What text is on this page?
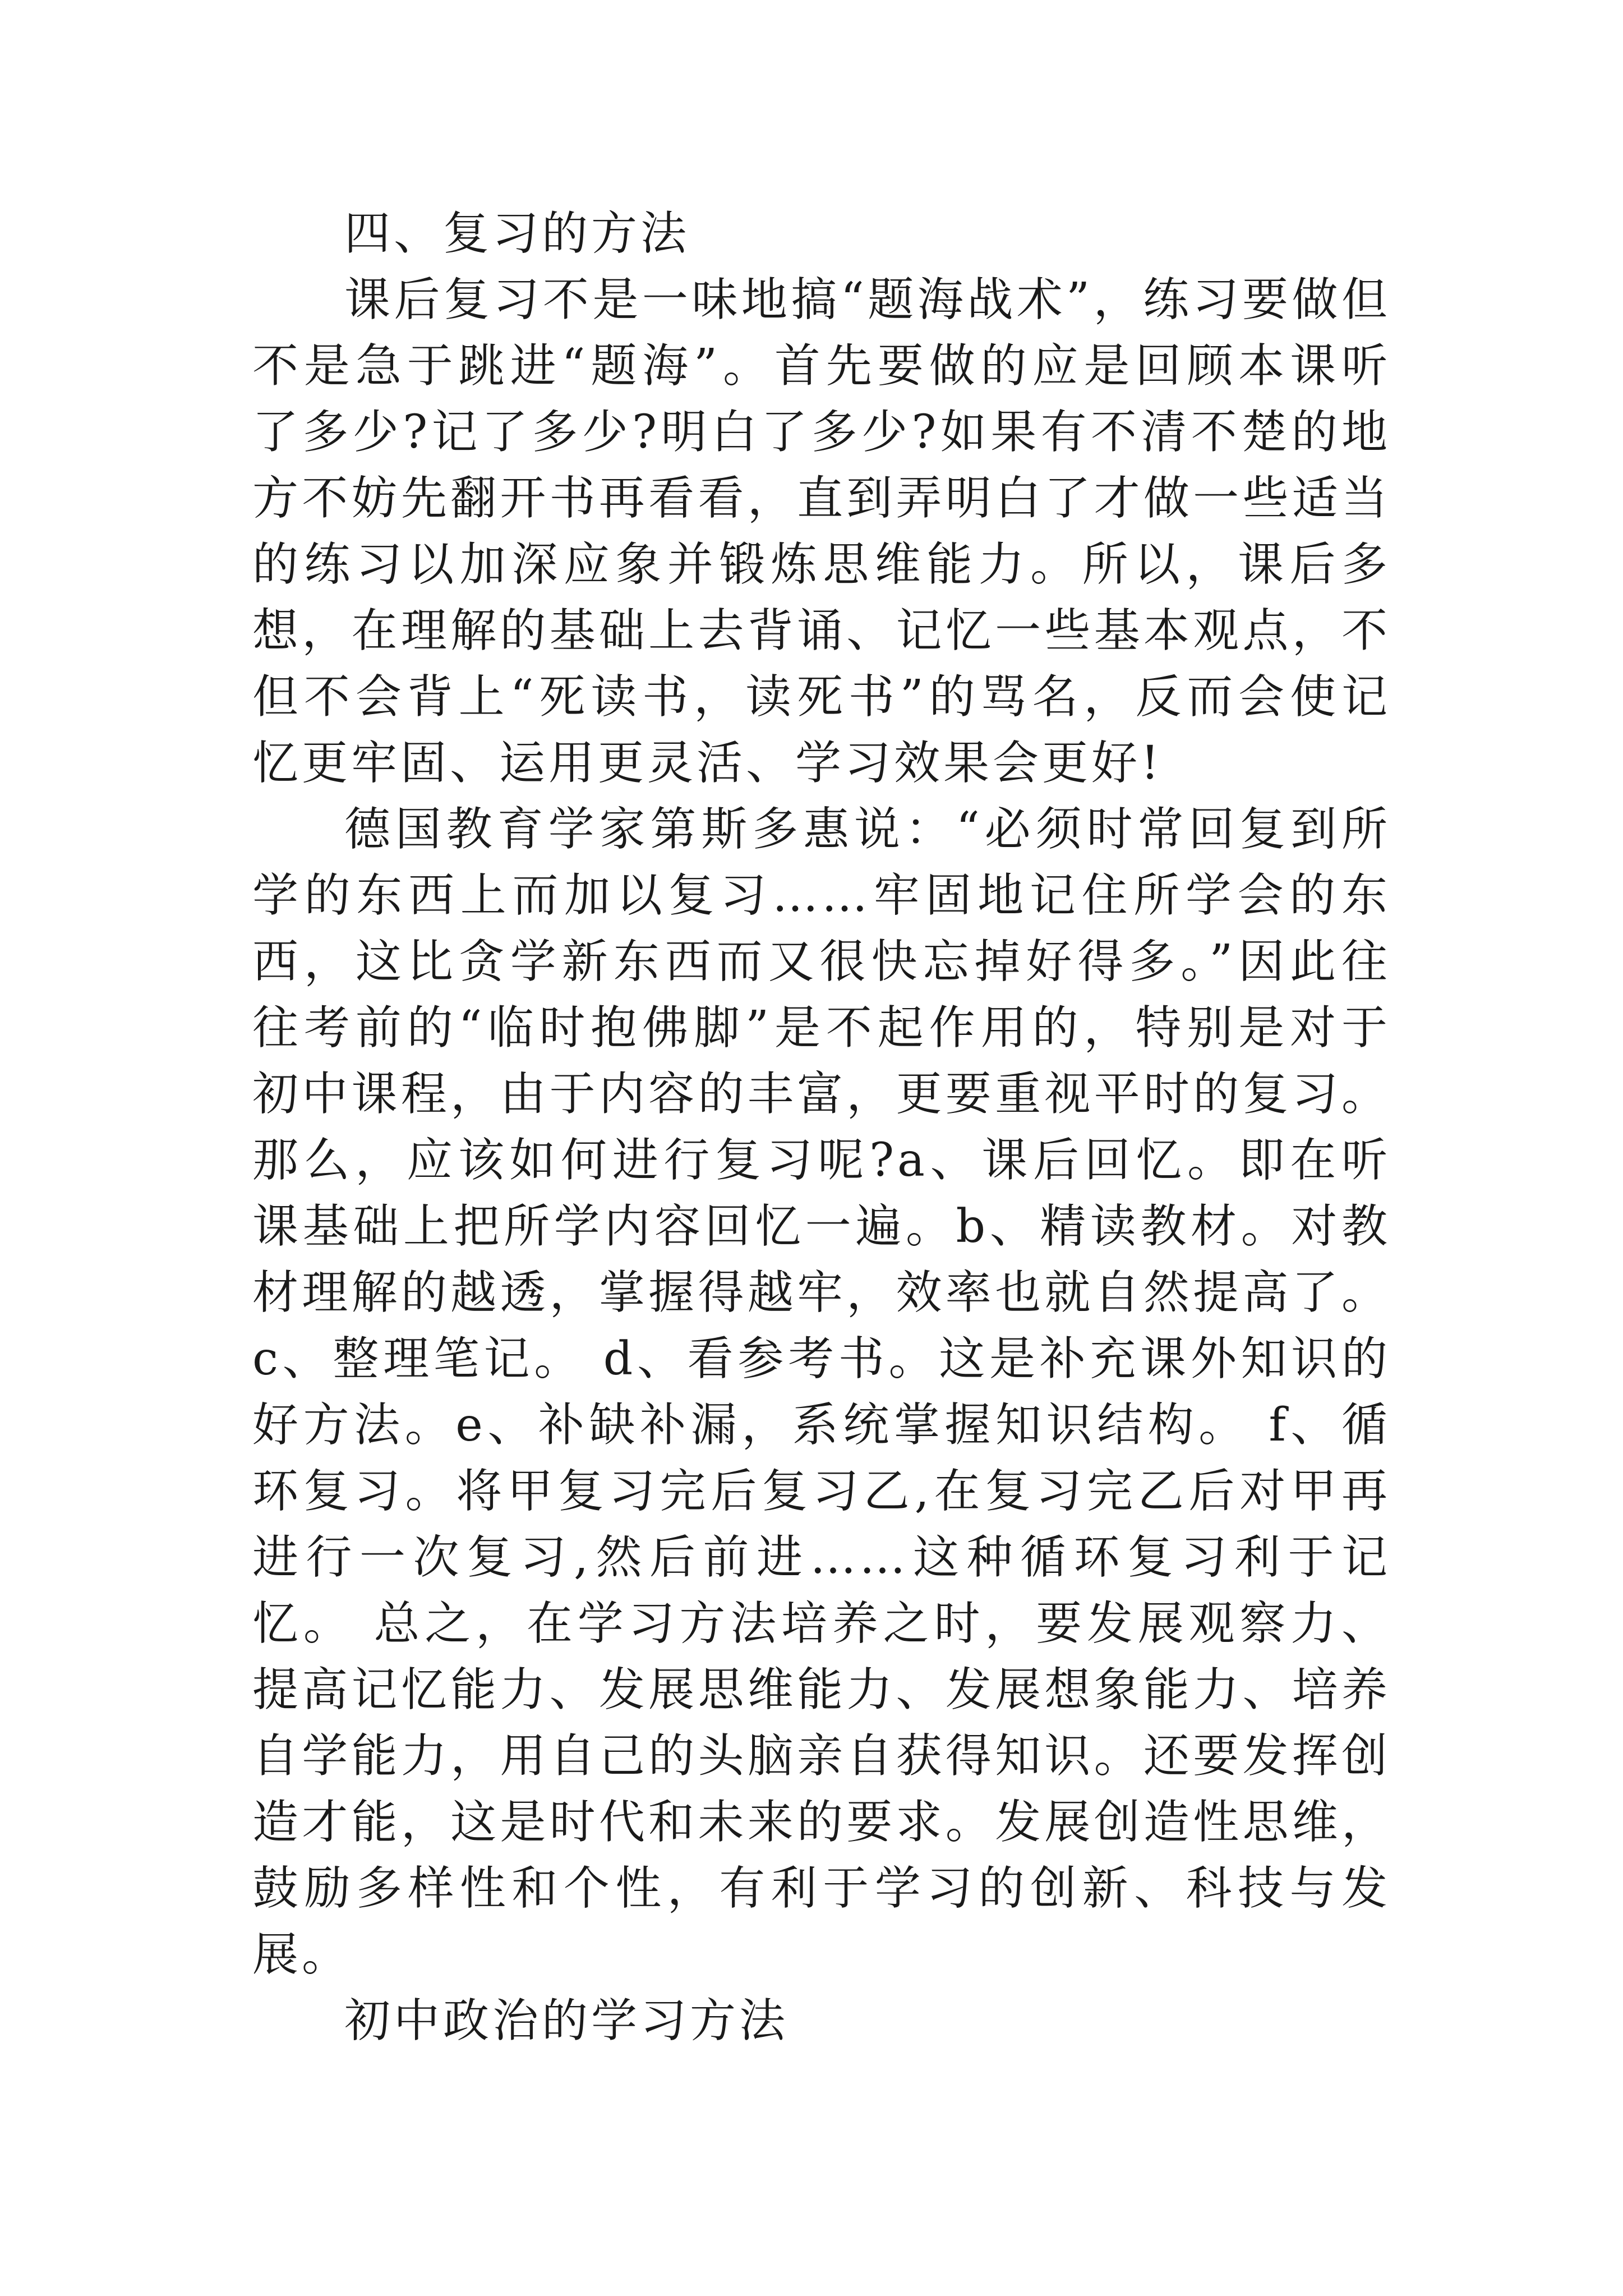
四、复习的方法

课后复习不是一味地搞“题海战术”，练习要做但不是急于跳进“题海”。首先要做的应是回顾本课听了多少?记了多少?明白了多少?如果有不清不楚的地方不妨先翻开书再看看，直到弄明白了才做一些适当的练习以加深应象并锻炼思维能力。所以，课后多想，在理解的基础上去背诵、记忆一些基本观点，不但不会背上“死读书，读死书”的骂名，反而会使记忆更牢固、运用更灵活、学习效果会更好!

德国教育学家第斯多惠说：“必须时常回复到所学的东西上而加以复习……牢固地记住所学会的东西，这比贪学新东西而又很快忘掉好得多。”因此往往考前的“临时抱佛脚”是不起作用的，特别是对于初中课程，由于内容的丰富，更要重视平时的复习。那么，应该如何进行复习呢?a、课后回忆。即在听课基础上把所学内容回忆一遍。b、精读教材。对教材理解的越透，掌握得越牢，效率也就自然提高了。c、整理笔记。 d、看参考书。这是补充课外知识的好方法。e、补缺补漏，系统掌握知识结构。 f、循环复习。将甲复习完后复习乙,在复习完乙后对甲再进行一次复习,然后前进……这种循环复习利于记忆。 总之，在学习方法培养之时，要发展观察力、提高记忆能力、发展思维能力、发展想象能力、培养自学能力，用自己的头脑亲自获得知识。还要发挥创造才能，这是时代和未来的要求。发展创造性思维，鼓励多样性和个性，有利于学习的创新、科技与发展。

初中政治的学习方法
